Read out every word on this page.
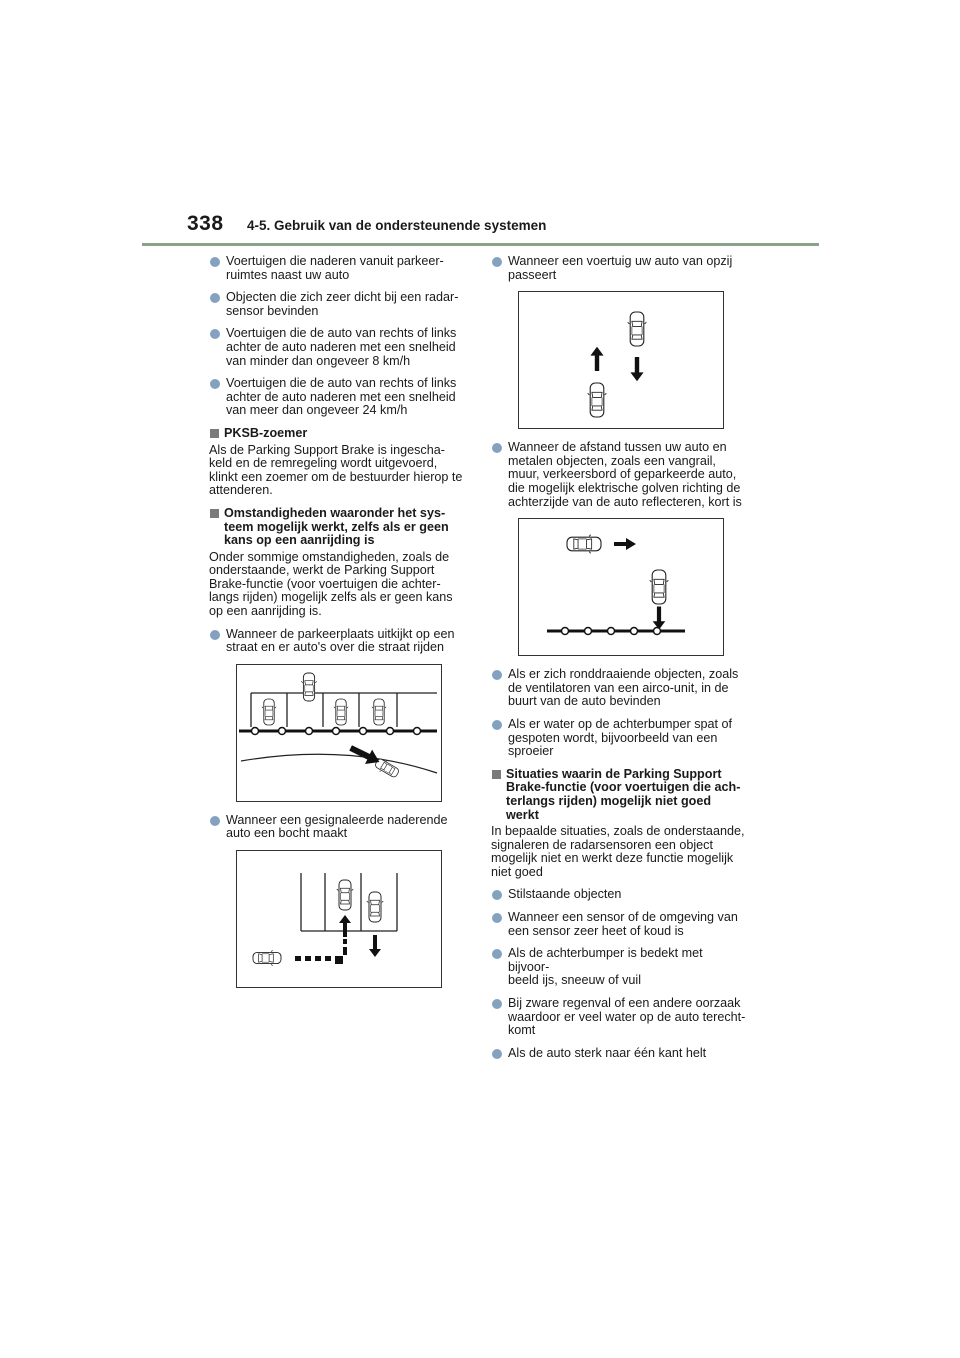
338 4-5. Gebruik van de ondersteunende systemen
Voertuigen die naderen vanuit parkeer-
ruimtes naast uw auto
Objecten die zich zeer dicht bij een radar-
sensor bevinden
Voertuigen die de auto van rechts of links
achter de auto naderen met een snelheid
van minder dan ongeveer 8 km/h
Voertuigen die de auto van rechts of links
achter de auto naderen met een snelheid
van meer dan ongeveer 24 km/h
PKSB-zoemer
Als de Parking Support Brake is ingescha-
keld en de remregeling wordt uitgevoerd,
klinkt een zoemer om de bestuurder hierop te
attenderen.
Omstandigheden waaronder het sys-
teem mogelijk werkt, zelfs als er geen
kans op een aanrijding is
Onder sommige omstandigheden, zoals de
onderstaande, werkt de Parking Support
Brake-functie (voor voertuigen die achter-
langs rijden) mogelijk zelfs als er geen kans
op een aanrijding is.
Wanneer de parkeerplaats uitkijkt op een
straat en er auto's over die straat rijden
Wanneer een gesignaleerde naderende
auto een bocht maakt
Wanneer een voertuig uw auto van opzij
passeert
Wanneer de afstand tussen uw auto en
metalen objecten, zoals een vangrail,
muur, verkeersbord of geparkeerde auto,
die mogelijk elektrische golven richting de
achterzijde van de auto reflecteren, kort is
Als er zich ronddraaiende objecten, zoals
de ventilatoren van een airco-unit, in de
buurt van de auto bevinden
Als er water op de achterbumper spat of
gespoten wordt, bijvoorbeeld van een
sproeier
Situaties waarin de Parking Support
Brake-functie (voor voertuigen die ach-
terlangs rijden) mogelijk niet goed
werkt
In bepaalde situaties, zoals de onderstaande,
signaleren de radarsensoren een object
mogelijk niet en werkt deze functie mogelijk
niet goed
Stilstaande objecten
Wanneer een sensor of de omgeving van
een sensor zeer heet of koud is
Als de achterbumper is bedekt met bijvoor-
beeld ijs, sneeuw of vuil
Bij zware regenval of een andere oorzaak
waardoor er veel water op de auto terecht-
komt
Als de auto sterk naar één kant helt
